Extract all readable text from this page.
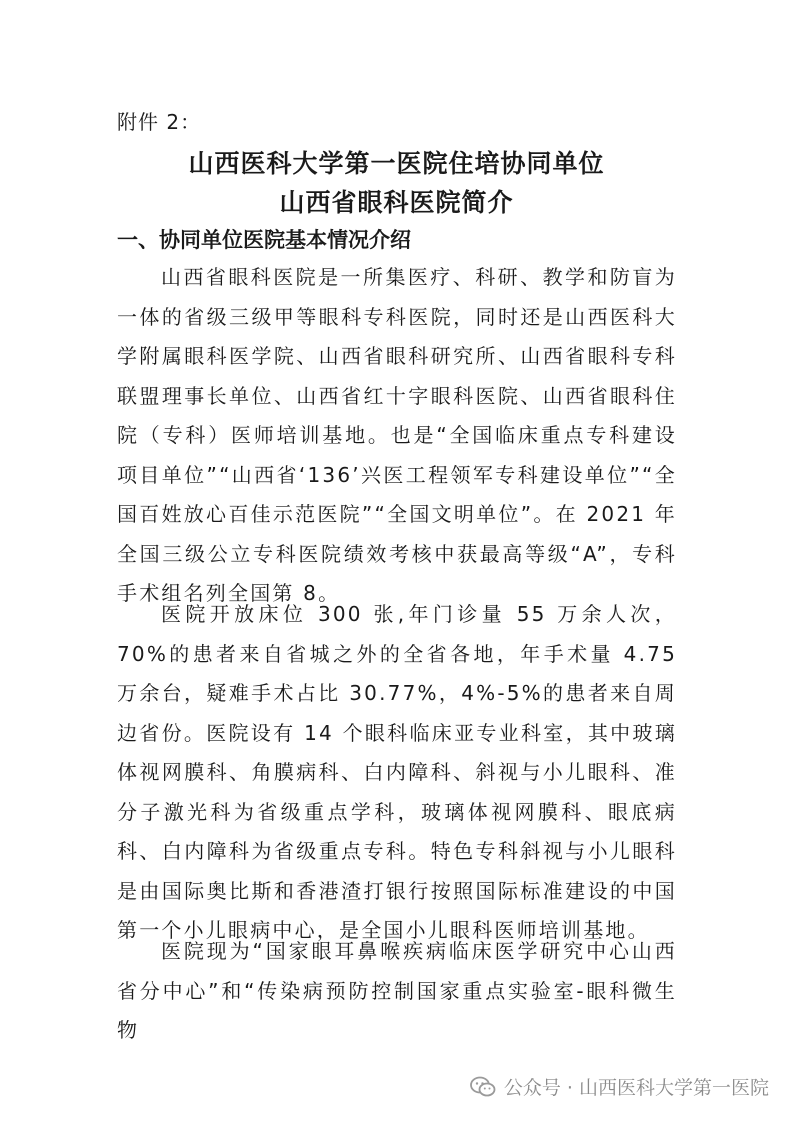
附件 2：
山西医科大学第一医院住培协同单位
山西省眼科医院简介
一、协同单位医院基本情况介绍
山西省眼科医院是一所集医疗、科研、教学和防盲为一体的省级三级甲等眼科专科医院，同时还是山西医科大学附属眼科医学院、山西省眼科研究所、山西省眼科专科联盟理事长单位、山西省红十字眼科医院、山西省眼科住院（专科）医师培训基地。也是“全国临床重点专科建设项目单位”“山西省‘136’兴医工程领军专科建设单位”“全国百姓放心百佳示范医院”“全国文明单位”。在 2021 年全国三级公立专科医院绩效考核中获最高等级“A”，专科手术组名列全国第 8。
医院开放床位 300 张,年门诊量 55 万余人次，70%的患者来自省城之外的全省各地，年手术量 4.75 万余台，疑难手术占比 30.77%，4%-5%的患者来自周边省份。医院设有 14 个眼科临床亚专业科室，其中玻璃体视网膜科、角膜病科、白内障科、斜视与小儿眼科、准分子激光科为省级重点学科，玻璃体视网膜科、眼底病科、白内障科为省级重点专科。特色专科斜视与小儿眼科是由国际奥比斯和香港渣打银行按照国际标准建设的中国第一个小儿眼病中心，是全国小儿眼科医师培训基地。
医院现为“国家眼耳鼻喉疾病临床医学研究中心山西省分中心”和“传染病预防控制国家重点实验室-眼科微生物
公众号 · 山西医科大学第一医院
